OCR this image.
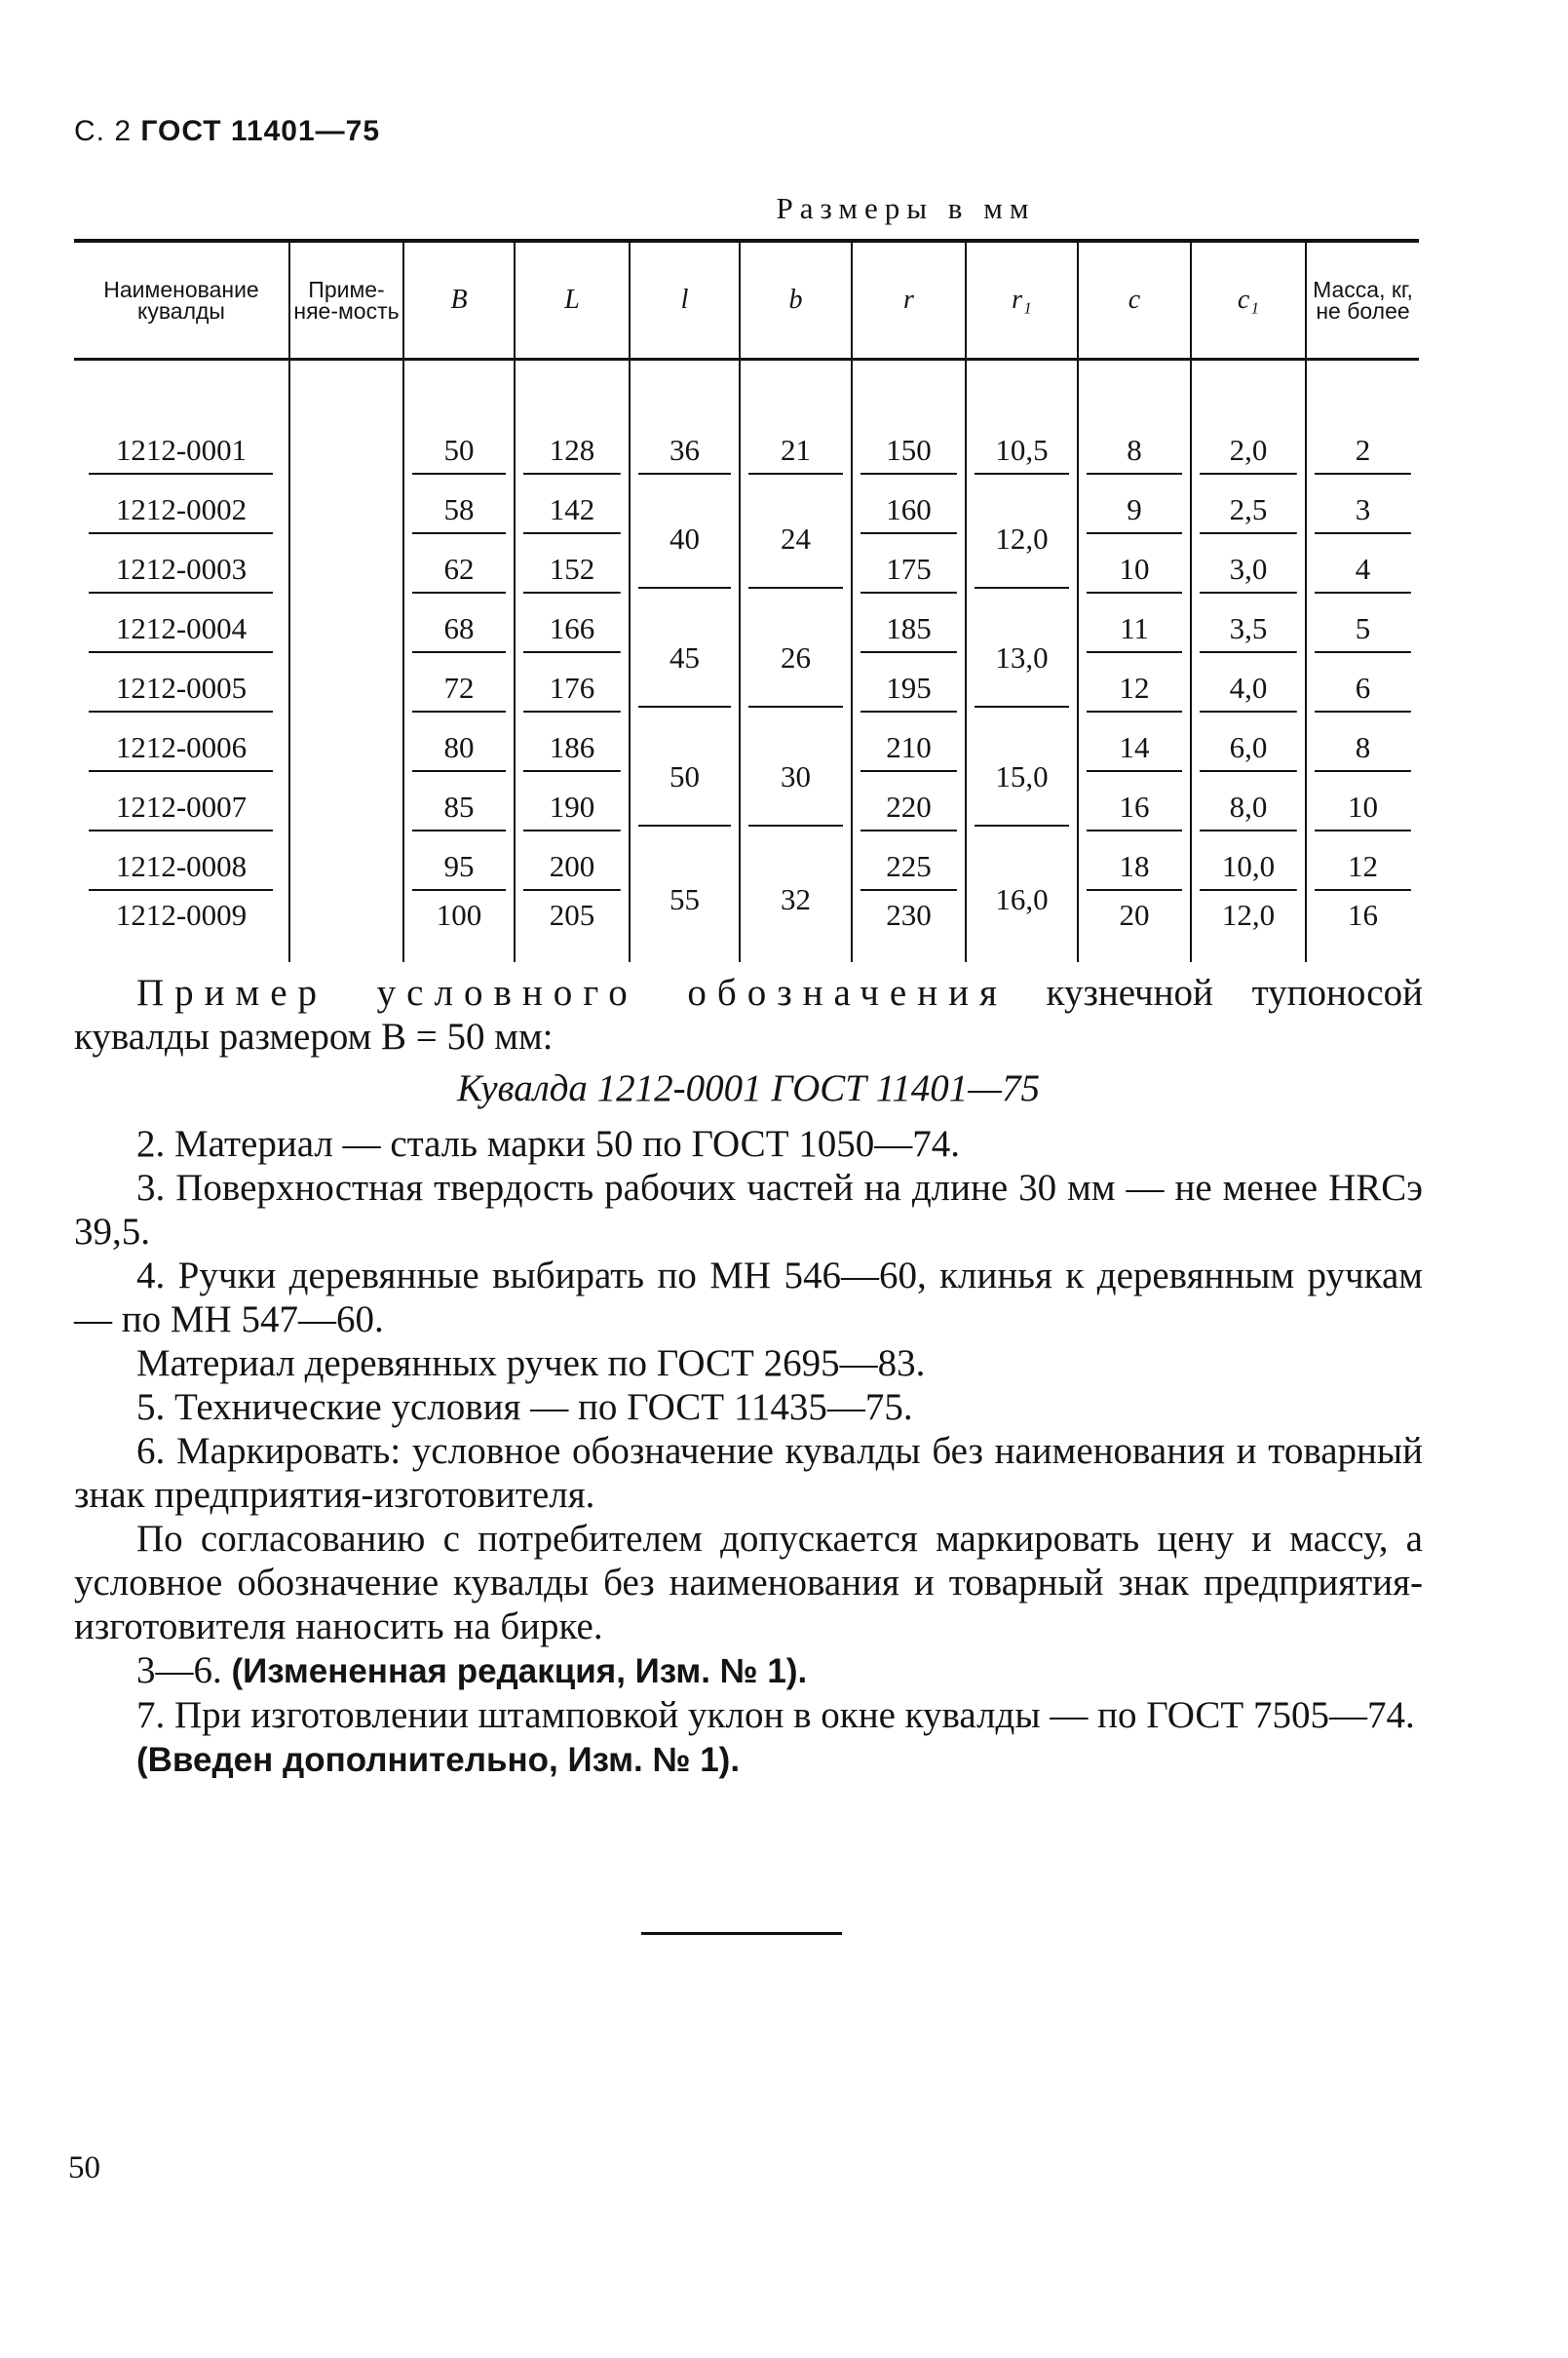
С. 2 ГОСТ 11401—75
Размеры в мм
Наименование кувалды	Приме-няе-мость	B	L	l	b	r	r₁	c	c₁	Масса, кг, не более

1212-0001		50	128	36	21	150	10,5	8	2,0	2
1212-0002		58	142	40	24	160	12,0	9	2,5	3
1212-0003		62	152			175		10	3,0	4
1212-0004		68	166	45	26	185	13,0	11	3,5	5
1212-0005		72	176			195		12	4,0	6
1212-0006		80	186	50	30	210	15,0	14	6,0	8
1212-0007		85	190			220		16	8,0	10
1212-0008		95	200	55	32	225	16,0	18	10,0	12
1212-0009		100	205			230		20	12,0	16

Пример условного обозначения кузнечной тупоносой кувалды размером B = 50 мм:

Кувалда 1212-0001 ГОСТ 11401—75

2. Материал — сталь марки 50 по ГОСТ 1050—74.

3. Поверхностная твердость рабочих частей на длине 30 мм — не менее HRCэ 39,5.

4. Ручки деревянные выбирать по МН 546—60, клинья к деревянным ручкам — по МН 547—60.

Материал деревянных ручек по ГОСТ 2695—83.

5. Технические условия — по ГОСТ 11435—75.

6. Маркировать: условное обозначение кувалды без наименования и товарный знак предприятия-изготовителя.

По согласованию с потребителем допускается маркировать цену и массу, а условное обозначение кувалды без наименования и товарный знак предприятия-изготовителя наносить на бирке.

3—6. (Измененная редакция, Изм. № 1).

7. При изготовлении штамповкой уклон в окне кувалды — по ГОСТ 7505—74.

(Введен дополнительно, Изм. № 1).

50
